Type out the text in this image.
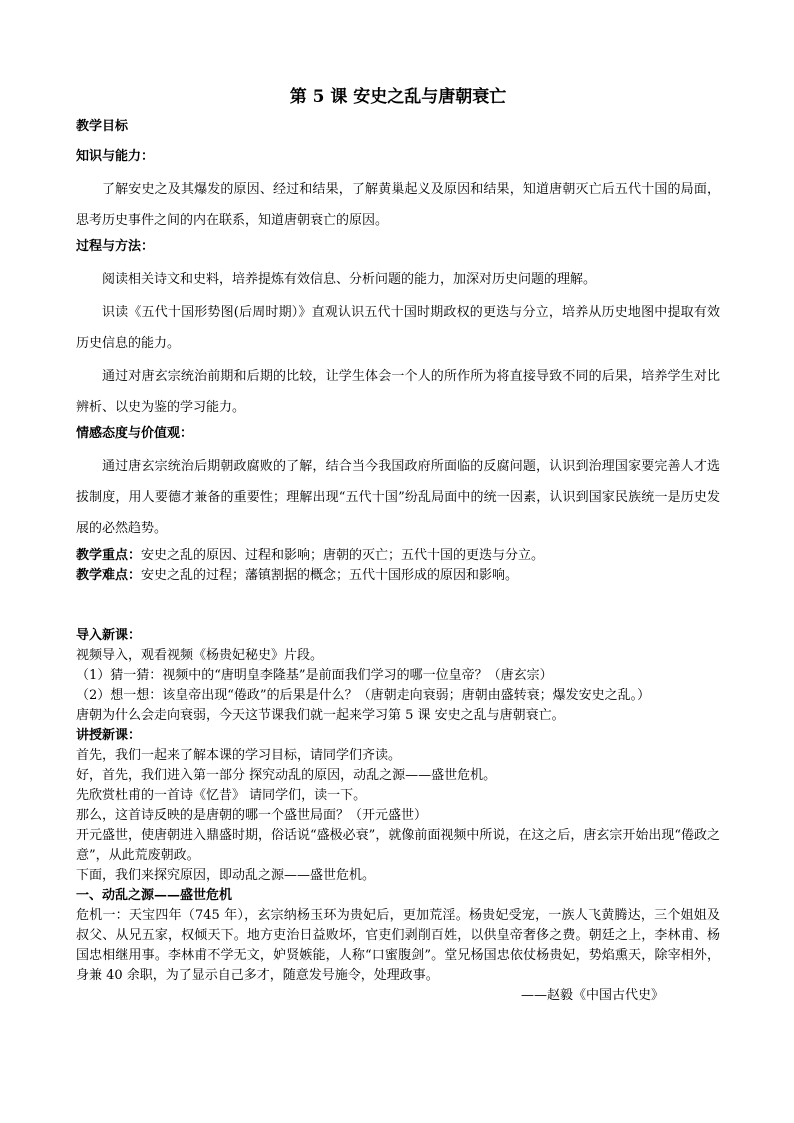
第 5 课 安史之乱与唐朝衰亡
教学目标
知识与能力：

了解安史之及其爆发的原因、经过和结果，了解黄巢起义及原因和结果，知道唐朝灭亡后五代十国的局面，思考历史事件之间的内在联系，知道唐朝衰亡的原因。

过程与方法：

阅读相关诗文和史料，培养提炼有效信息、分析问题的能力，加深对历史问题的理解。

识读《五代十国形势图(后周时期）》直观认识五代十国时期政权的更迭与分立，培养从历史地图中提取有效历史信息的能力。

通过对唐玄宗统治前期和后期的比较，让学生体会一个人的所作所为将直接导致不同的后果，培养学生对比辨析、以史为鉴的学习能力。

情感态度与价值观：

通过唐玄宗统治后期朝政腐败的了解，结合当今我国政府所面临的反腐问题，认识到治理国家要完善人才选拔制度，用人要德才兼备的重要性；理解出现“五代十国”纷乱局面中的统一因素，认识到国家民族统一是历史发展的必然趋势。

教学重点：安史之乱的原因、过程和影响；唐朝的灭亡；五代十国的更迭与分立。

教学难点：安史之乱的过程；藩镇割据的概念；五代十国形成的原因和影响。

导入新课：

视频导入，观看视频《杨贵妃秘史》片段。

（1）猜一猜：视频中的“唐明皇李隆基”是前面我们学习的哪一位皇帝？（唐玄宗）

（2）想一想：该皇帝出现“倦政”的后果是什么？（唐朝走向衰弱；唐朝由盛转衰；爆发安史之乱。）

唐朝为什么会走向衰弱，今天这节课我们就一起来学习第 5 课 安史之乱与唐朝衰亡。

讲授新课：

首先，我们一起来了解本课的学习目标，请同学们齐读。

好，首先，我们进入第一部分 探究动乱的原因，动乱之源——盛世危机。

先欣赏杜甫的一首诗《忆昔》 请同学们，读一下。

那么，这首诗反映的是唐朝的哪一个盛世局面？（开元盛世）

开元盛世，使唐朝进入鼎盛时期，俗话说“盛极必衰”，就像前面视频中所说，在这之后，唐玄宗开始出现“倦政之意”，从此荒废朝政。

下面，我们来探究原因，即动乱之源——盛世危机。

一、动乱之源——盛世危机

危机一：天宝四年（745 年），玄宗纳杨玉环为贵妃后，更加荒淫。杨贵妃受宠，一族人飞黄腾达，三个姐姐及叔父、从兄五家，权倾天下。地方吏治日益败坏，官吏们剥削百姓，以供皇帝奢侈之费。朝廷之上，李林甫、杨国忠相继用事。李林甫不学无文，妒贤嫉能，人称“口蜜腹剑”。堂兄杨国忠依仗杨贵妃，势焰熏天，除宰相外，身兼 40 余职，为了显示自己多才，随意发号施令，处理政事。

——赵毅《中国古代史》
